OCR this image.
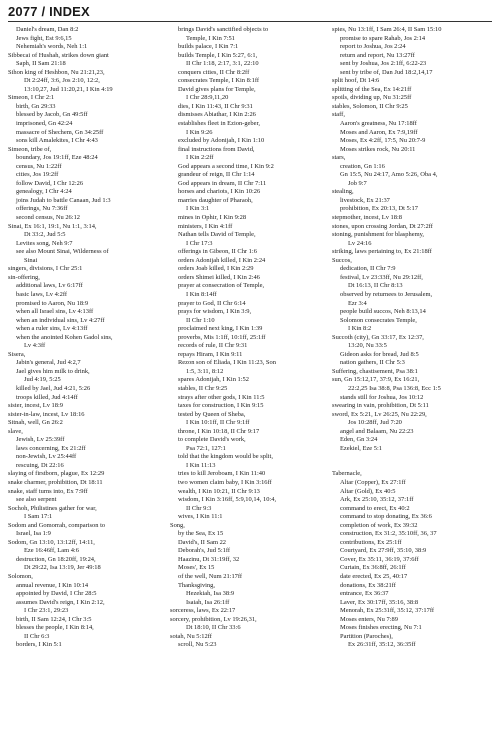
2077 / INDEX
Daniel's dream, Dan 8:2
Jews fight, Est 9:6,15
Nehemiah's words, Neh 1:1
Sibbecai of Hushah, strikes down giant
Saph, II Sam 21:18
Sihon king of Heshbon, Nu 21:21,23,
Dt 2:24ff, 3:6, Jos 2:10, 12:2,
13:10,27, Jud 11:20,21, I Kin 4:19
Simeon, I Chr 2:1
birth, Gn 29:33
blessed by Jacob, Gn 49:5ff
imprisoned, Gn 42:24
massacre of Shechem, Gn 34:25ff
sons kill Amalekites, I Chr 4:43
Simeon, tribe of,
boundary, Jos 19:1ff, Eze 48:24
census, Nu 1:22ff
cities, Jos 19:2ff
follow David, I Chr 12:26
genealogy, I Chr 4:24
joins Judah to battle Canaan, Jud 1:3
offerings, Nu 7:36ff
second census, Nu 26:12
Sinai, Ex 16:1, 19:1, Nu 1:1, 3:14,
Dt 33:2, Jud 5:5
Levites song, Neh 9:7
see also Mount Sinai, Wilderness of
Sinai
singers, divisions, I Chr 25:1
sin-offering,
additional laws, Lv 6:17ff
basic laws, Lv 4:2ff
promised to Aaron, Nu 18:9
when all Israel sins, Lv 4:13ff
when an individual sins, Lv 4:27ff
when a ruler sins, Lv 4:13ff
when the anointed Kohen Gadol sins,
Lv 4:3ff
Sisera,
Jabin's general, Jud 4:2,7
Jael gives him milk to drink,
Jud 4:19, 5:25
killed by Jael, Jud 4:21, 5:26
troops killed, Jud 4:14ff
sister, incest, Lv 18:9
sister-in-law, incest, Lv 18:16
Sitnah, well, Gn 26:2
slave,
Jewish, Lv 25:39ff
laws concerning, Ex 21:2ff
non-Jewish, Lv 25:44ff
rescuing, Dt 22:16
slaying of firstborn, plague, Ex 12:29
snake charmer, prohibition, Dt 18:11
snake, staff turns into, Ex 7:9ff
see also serpent
Sochoh, Philistines gather for war,
I Sam 17:1
Sodom and Gomorrah, comparison to
Israel, Isa 1:9
Sodom, Gn 13:10, 13:12ff, 14:11,
Eze 16:46ff, Lam 4:6
destruction, Gn 18:20ff, 19:24,
Dt 29:22, Isa 13:19, Jer 49:18
Solomon,
annual revenue, I Kin 10:14
appointed by David, I Chr 28:5
assumes David's reign, I Kin 2:12,
I Chr 23:1, 29:23
birth, II Sam 12:24, I Chr 3:5
blesses the people, I Kin 8:14,
II Chr 6:3
borders, I Kin 5:1
brings David's sanctified objects to
Temple, I Kin 7:51
builds palace, I Kin 7:1
builds Temple, I Kin 5:27, 6:1,
II Chr 1:18, 2:17, 3:1, 22:10
conquers cities, II Chr 8:2ff
consecrates Temple, I Kin 8:1ff
David gives plans for Temple,
I Chr 28:9,11,20
dies, I Kin 11:43, II Chr 9:31
dismisses Abiathar, I Kin 2:26
establishes fleet in Ezion-geber,
I Kin 9:26
excluded by Adonijah, I Kin 1:10
final instructions from David,
I Kin 2:2ff
God appears a second time, I Kin 9:2
grandeur of reign, II Chr 1:14
God appears in dream, II Chr 7:11
horses and chariots, I Kin 10:26
marries daughter of Pharaoh,
I Kin 3:1
mines in Ophir, I Kin 9:28
ministers, I Kin 4:1ff
Nathan tells David of Temple,
I Chr 17:3
offerings in Gibeon, II Chr 1:6
orders Adonijah killed, I Kin 2:24
orders Joab killed, I Kin 2:29
orders Shimei killed, I Kin 2:46
prayer at consecration of Temple,
I Kin 8:14ff
prayer to God, II Chr 6:14
prays for wisdom, I Kin 3:9,
II Chr 1:10
proclaimed next king, I Kin 1:39
proverbs, Mis 1:1ff, 10:1ff, 25:1ff
records of rule, II Chr 9:31
repays Hiram, I Kin 9:11
Rezon son of Eliada, I Kin 11:23, Son
1:5, 3:11, 8:12
spares Adonijah, I Kin 1:52
stables, II Chr 9:25
strays after other gods, I Kin 11:5
taxes for construction, I Kin 9:15
tested by Queen of Sheba,
I Kin 10:1ff, II Chr 9:1ff
throne, I Kin 10:18, II Chr 9:17
to complete David's work,
Psa 72:1, 127:1
told that the kingdom would be split,
I Kin 11:13
tries to kill Jeroboam, I Kin 11:40
two women claim baby, I Kin 3:16ff
wealth, I Kin 10:21, II Chr 9:13
wisdom, I Kin 3:16ff, 5:9,10,14, 10:4,
II Chr 9:3
wives, I Kin 11:1
Song,
by the Sea, Ex 15
David's, II Sam 22
Deborah's, Jud 5:1ff
Haazinu, Dt 31:19ff, 32
Moses', Ex 15
of the well, Num 21:17ff
Thanksgiving,
Hezekiah, Isa 38:9
Isaiah, Isa 26:1ff
sorceress, laws, Ex 22:17
sorcery, prohibition, Lv 19:26,31,
Dt 18:10, II Chr 33:6
sotah, Nu 5:12ff
scroll, Nu 5:23
spies, Nu 13:1ff, I Sam 26:4, II Sam 15:10
promise to spare Rahab, Jos 2:14
report to Joshua, Jos 2:24
return and report, Nu 13:27ff
sent by Joshua, Jos 2:1ff, 6:22-23
sent by tribe of, Dan Jud 18:2,14,17
split hoof, Dt 14:6
splitting of the Sea, Ex 14:21ff
spoils, dividing up, Nu 31:25ff
stables, Solomon, II Chr 9:25
staff,
Aaron's greatness, Nu 17:18ff
Moses and Aaron, Ex 7:9,19ff
Moses, Ex 4:2ff, 17:5, Nu 20:7-9
Moses strikes rock, Nu 20:11
stars,
creation, Gn 1:16
Gn 15:5, Nu 24:17, Amo 5:26, Oba 4,
Job 9:7
stealing,
livestock, Ex 21:37
prohibition, Ex 20:13, Dt 5:17
stepmother, incest, Lv 18:8
stones, upon crossing Jordan, Dt 27:2ff
stoning, punishment for blasphemy,
Lv 24:16
striking, laws pertaining to, Ex 21:18ff
Succos,
dedication, II Chr 7:9
festival, Lv 23:33ff, Nu 29:12ff,
Dt 16:13, II Chr 8:13
observed by returnees to Jerusalem,
Ezr 3:4
people build succos, Neh 8:13,14
Solomon consecrates Temple,
I Kin 8:2
Succoth (city), Gn 33:17, Ex 12:37,
13:20, Nu 33:5
Gideon asks for bread, Jud 8:5
nation gathers, II Chr 5:3
Suffering, chastisement, Psa 38:1
sun, Gn 15:12,17, 37:9, Ex 16:21,
22:2,25 Isa 38:8, Psa 136:8, Ecc 1:5
stands still for Joshua, Jos 10:12
swearing in vain, prohibition, Dt 5:11
sword, Ex 5:21, Lv 26:25, Nu 22:29,
Jos 10:28ff, Jud 7:20
angel and Balaam, Nu 22:23
Eden, Gn 3:24
Ezekiel, Eze 5:1

Tabernacle,
Altar (Copper), Ex 27:1ff
Altar (Gold), Ex 40:5
Ark, Ex 25:10, 35:12, 37:1ff
command to erect, Ex 40:2
command to stop donating, Ex 36:6
completion of work, Ex 39:32
construction, Ex 31:2, 35:10ff, 36, 37
contributions, Ex 25:1ff
Courtyard, Ex 27:9ff, 35:10, 38:9
Cover, Ex 35:11, 36:19, 37:6ff
Curtain, Ex 36:8ff, 26:1ff
date erected, Ex 25, 40:17
donations, Ex 38:21ff
entrance, Ex 36:37
Laver, Ex 30:17ff, 35:16, 38:8
Menorah, Ex 25:31ff, 35:12, 37:17ff
Moses enters, Nu 7:89
Moses finishes erecting, Nu 7:1
Partition (Paroches),
Ex 26:31ff, 35:12, 36:35ff
